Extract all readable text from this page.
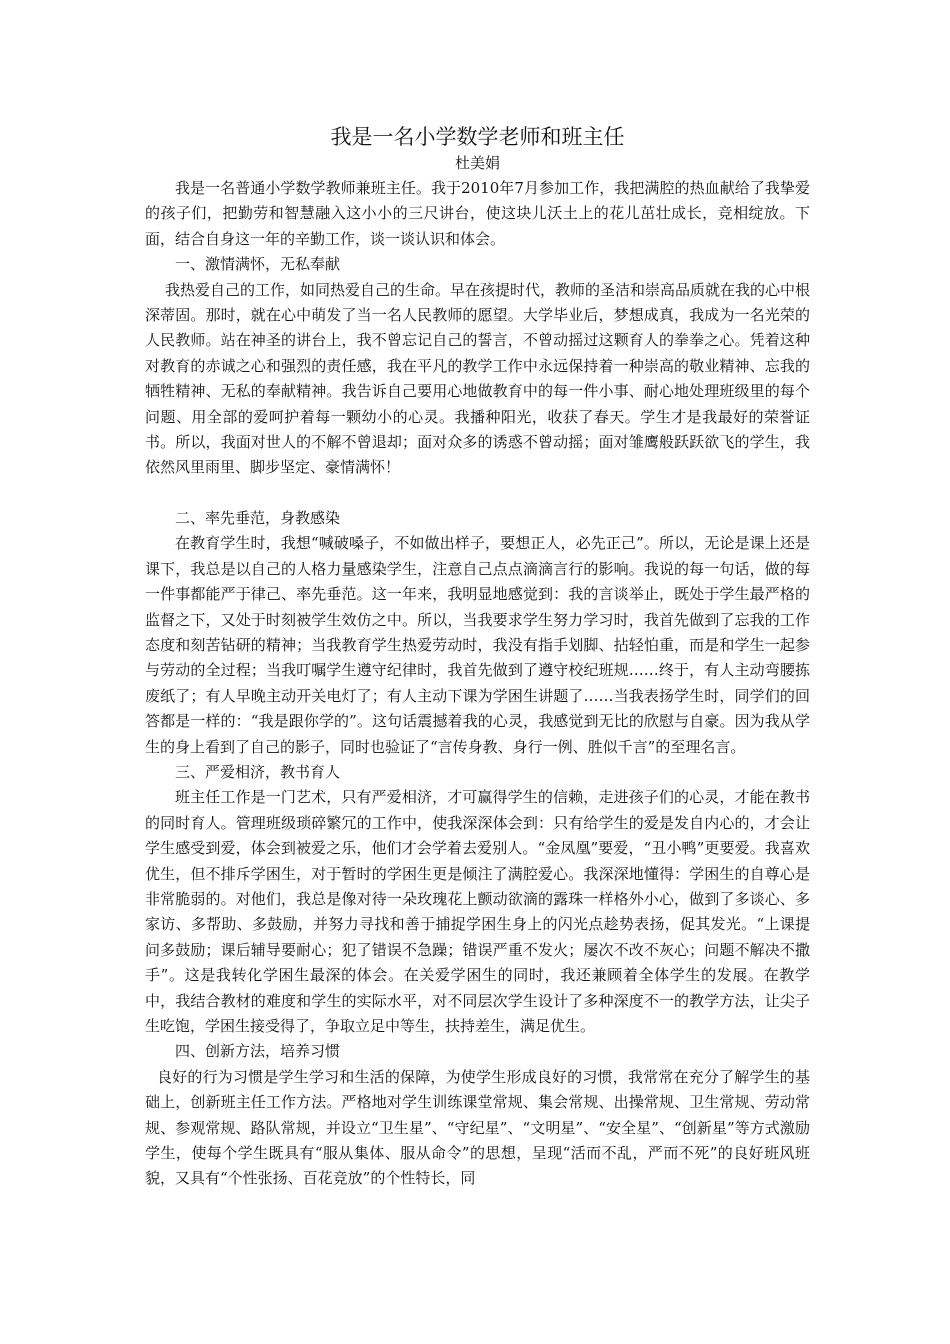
我是一名小学数学老师和班主任

杜美娟

我是一名普通小学数学教师兼班主任。我于2010年7月参加工作，我把满腔的热血献给了我挚爱的孩子们，把勤劳和智慧融入这小小的三尺讲台，使这块儿沃土上的花儿茁壮成长，竞相绽放。下面，结合自身这一年的辛勤工作，谈一谈认识和体会。

一、激情满怀，无私奉献

我热爱自己的工作，如同热爱自己的生命。早在孩提时代，教师的圣洁和崇高品质就在我的心中根深蒂固。那时，就在心中萌发了当一名人民教师的愿望。大学毕业后，梦想成真，我成为一名光荣的人民教师。站在神圣的讲台上，我不曾忘记自己的誓言，不曾动摇过这颗育人的拳拳之心。凭着这种对教育的赤诚之心和强烈的责任感，我在平凡的教学工作中永远保持着一种崇高的敬业精神、忘我的牺牲精神、无私的奉献精神。我告诉自己要用心地做教育中的每一件小事、耐心地处理班级里的每个问题、用全部的爱呵护着每一颗幼小的心灵。我播种阳光，收获了春天。学生才是我最好的荣誉证书。所以，我面对世人的不解不曾退却；面对众多的诱惑不曾动摇；面对雏鹰般跃跃欲飞的学生，我依然风里雨里、脚步坚定、豪情满怀！

二、率先垂范，身教感染

在教育学生时，我想“喊破嗓子，不如做出样子，要想正人，必先正己”。所以，无论是课上还是课下，我总是以自己的人格力量感染学生，注意自己点点滴滴言行的影响。我说的每一句话，做的每一件事都能严于律己、率先垂范。这一年来，我明显地感觉到：我的言谈举止，既处于学生最严格的监督之下，又处于时刻被学生效仿之中。所以，当我要求学生努力学习时，我首先做到了忘我的工作态度和刻苦钻研的精神；当我教育学生热爱劳动时，我没有指手划脚、拈轻怕重，而是和学生一起参与劳动的全过程；当我叮嘱学生遵守纪律时，我首先做到了遵守校纪班规……终于，有人主动弯腰拣废纸了；有人早晚主动开关电灯了；有人主动下课为学困生讲题了……当我表扬学生时，同学们的回答都是一样的：“我是跟你学的”。这句话震撼着我的心灵，我感觉到无比的欣慰与自豪。因为我从学生的身上看到了自己的影子，同时也验证了“言传身教、身行一例、胜似千言”的至理名言。

三、严爱相济，教书育人

班主任工作是一门艺术，只有严爱相济，才可赢得学生的信赖，走进孩子们的心灵，才能在教书的同时育人。管理班级琐碎繁冗的工作中，使我深深体会到：只有给学生的爱是发自内心的，才会让学生感受到爱，体会到被爱之乐，他们才会学着去爱别人。“金凤凰”要爱，“丑小鸭”更要爱。我喜欢优生，但不排斥学困生，对于暂时的学困生更是倾注了满腔爱心。我深深地懂得：学困生的自尊心是非常脆弱的。对他们，我总是像对待一朵玫瑰花上颤动欲滴的露珠一样格外小心，做到了多谈心、多家访、多帮助、多鼓励，并努力寻找和善于捕捉学困生身上的闪光点趁势表扬，促其发光。“上课提问多鼓励；课后辅导要耐心；犯了错误不急躁；错误严重不发火；屡次不改不灰心；问题不解决不撒手”。这是我转化学困生最深的体会。在关爱学困生的同时，我还兼顾着全体学生的发展。在教学中，我结合教材的难度和学生的实际水平，对不同层次学生设计了多种深度不一的教学方法，让尖子生吃饱，学困生接受得了，争取立足中等生，扶持差生，满足优生。

四、创新方法，培养习惯

良好的行为习惯是学生学习和生活的保障，为使学生形成良好的习惯，我常常在充分了解学生的基础上，创新班主任工作方法。严格地对学生训练课堂常规、集会常规、出操常规、卫生常规、劳动常规、参观常规、路队常规，并设立“卫生星”、“守纪星”、“文明星”、“安全星”、“创新星”等方式激励学生，使每个学生既具有“服从集体、服从命令”的思想，呈现“活而不乱，严而不死”的良好班风班貌，又具有“个性张扬、百花竞放”的个性特长，同
